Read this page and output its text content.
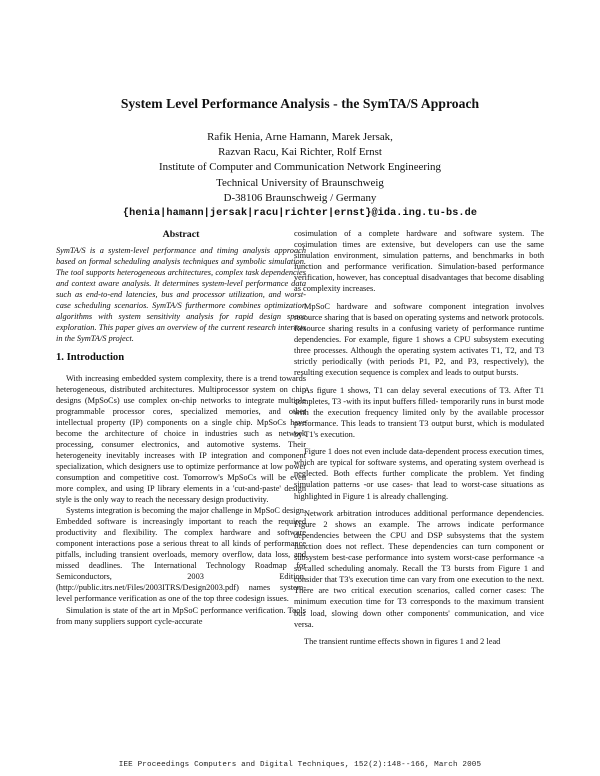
System Level Performance Analysis - the SymTA/S Approach
Rafik Henia, Arne Hamann, Marek Jersak,
Razvan Racu, Kai Richter, Rolf Ernst
Institute of Computer and Communication Network Engineering
Technical University of Braunschweig
D-38106 Braunschweig / Germany
{henia|hamann|jersak|racu|richter|ernst}@ida.ing.tu-bs.de
Abstract

SymTA/S is a system-level performance and timing analysis approach based on formal scheduling analysis techniques and symbolic simulation. The tool supports heterogeneous architectures, complex task dependencies and context aware analysis. It determines system-level performance data such as end-to-end latencies, bus and processor utilization, and worst-case scheduling scenarios. SymTA/S furthermore combines optimization algorithms with system sensitivity analysis for rapid design space exploration. This paper gives an overview of the current research interests in the SymTA/S project.

1. Introduction

With increasing embedded system complexity, there is a trend towards heterogeneous, distributed architectures. Multiprocessor system on chip designs (MpSoCs) use complex on-chip networks to integrate multiple programmable processor cores, specialized memories, and other intellectual property (IP) components on a single chip. MpSoCs have become the architecture of choice in industries such as network processing, consumer electronics, and automotive systems. Their heterogeneity inevitably increases with IP integration and component specialization, which designers use to optimize performance at low power consumption and competitive cost. Tomorrow's MpSoCs will be even more complex, and using IP library elements in a 'cut-and-paste' design style is the only way to reach the necessary design productivity.

Systems integration is becoming the major challenge in MpSoC design. Embedded software is increasingly important to reach the required productivity and flexibility. The complex hardware and software component interactions pose a serious threat to all kinds of performance pitfalls, including transient overloads, memory overflow, data loss, and missed deadlines. The International Technology Roadmap for Semiconductors, 2003 Edition, (http://public.itrs.net/Files/2003ITRS/Design2003.pdf) names system-level performance verification as one of the top three codesign issues.

Simulation is state of the art in MpSoC performance verification. Tools from many suppliers support cycle-accurate

cosimulation of a complete hardware and software system. The cosimulation times are extensive, but developers can use the same simulation environment, simulation patterns, and benchmarks in both function and performance verification. Simulation-based performance verification, however, has conceptual disadvantages that become disabling as complexity increases.

MpSoC hardware and software component integration involves resource sharing that is based on operating systems and network protocols. Resource sharing results in a confusing variety of performance runtime dependencies. For example, figure 1 shows a CPU subsystem executing three processes. Although the operating system activates T1, T2, and T3 strictly periodically (with periods P1, P2, and P3, respectively), the resulting execution sequence is complex and leads to output bursts.

As figure 1 shows, T1 can delay several executions of T3. After T1 completes, T3 -with its input buffers filled- temporarily runs in burst mode with the execution frequency limited only by the available processor performance. This leads to transient T3 output burst, which is modulated by T1's execution.

Figure 1 does not even include data-dependent process execution times, which are typical for software systems, and operating system overhead is neglected. Both effects further complicate the problem. Yet finding simulation patterns -or use cases- that lead to worst-case situations as highlighted in Figure 1 is already challenging.

Network arbitration introduces additional performance dependencies. Figure 2 shows an example. The arrows indicate performance dependencies between the CPU and DSP subsystems that the system function does not reflect. These dependencies can turn component or subsystem best-case performance into system worst-case performance -a so-called scheduling anomaly. Recall the T3 bursts from Figure 1 and consider that T3's execution time can vary from one execution to the next. There are two critical execution scenarios, called corner cases: The minimum execution time for T3 corresponds to the maximum transient bus load, slowing down other components' communication, and vice versa.

The transient runtime effects shown in figures 1 and 2 lead

IEE Proceedings Computers and Digital Techniques, 152(2):148--166, March 2005
